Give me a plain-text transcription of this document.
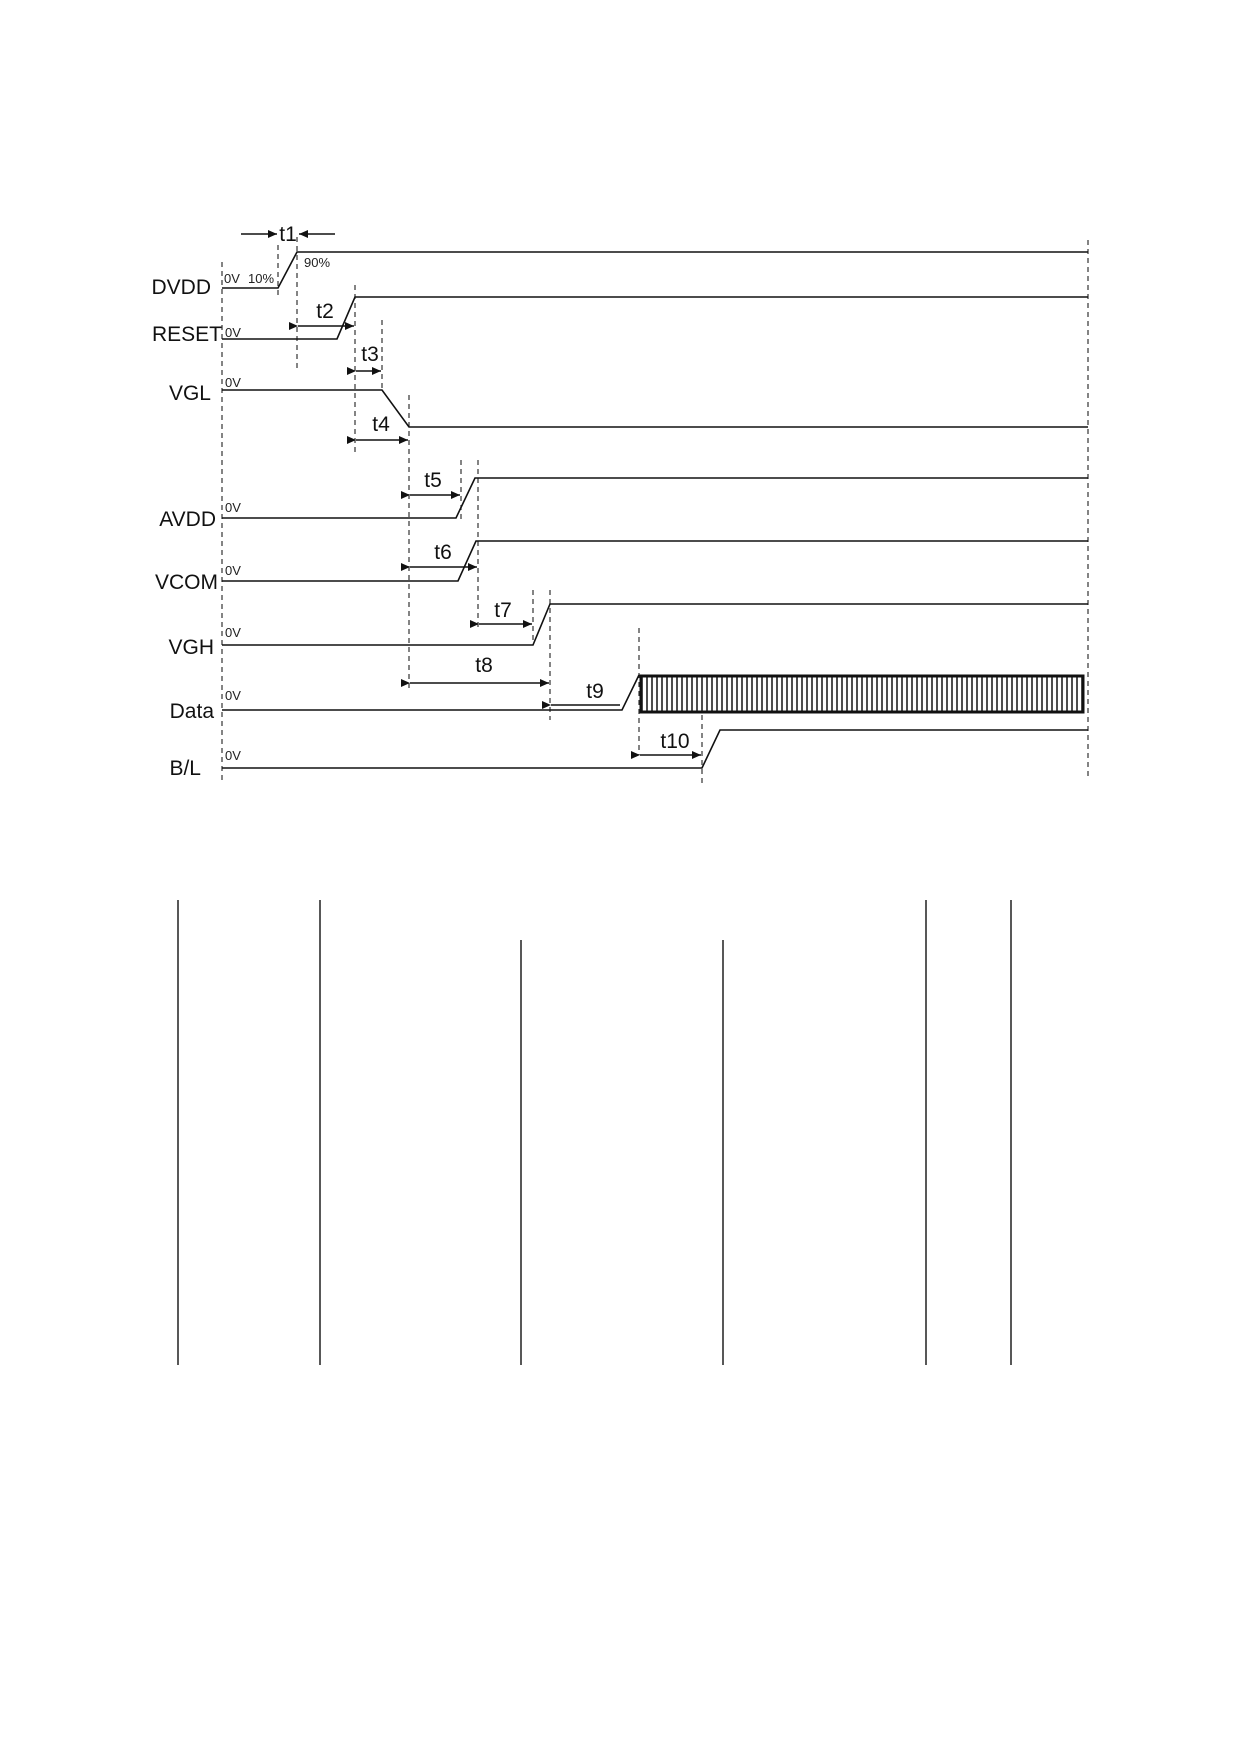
DVDD
RESET
VGL
AVDD
VCOM
VGH
Data
B/L
0V
0V
0V
0V
0V
0V
0V
0V
10%
90%
t1
t2
t3
t4
t5
t6
t7
t8
t9
t10
